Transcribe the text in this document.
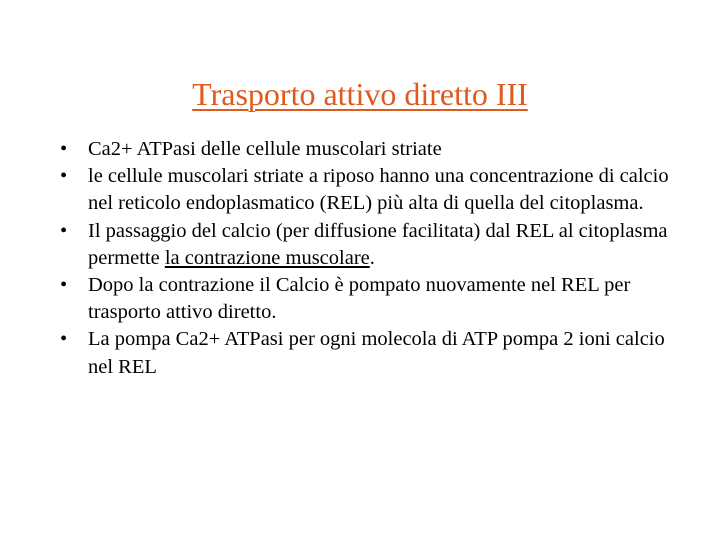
Trasporto attivo diretto III
•	Ca2+ ATPasi delle cellule muscolari striate
•	le cellule muscolari striate a riposo hanno una concentrazione di calcio nel reticolo endoplasmatico (REL) più alta di quella del citoplasma.
•	Il passaggio del calcio (per diffusione facilitata) dal REL al citoplasma permette la contrazione muscolare.
•	Dopo la contrazione il Calcio è pompato nuovamente nel REL per trasporto attivo diretto.
•	La pompa Ca2+ ATPasi per ogni molecola di ATP pompa 2 ioni calcio nel REL
